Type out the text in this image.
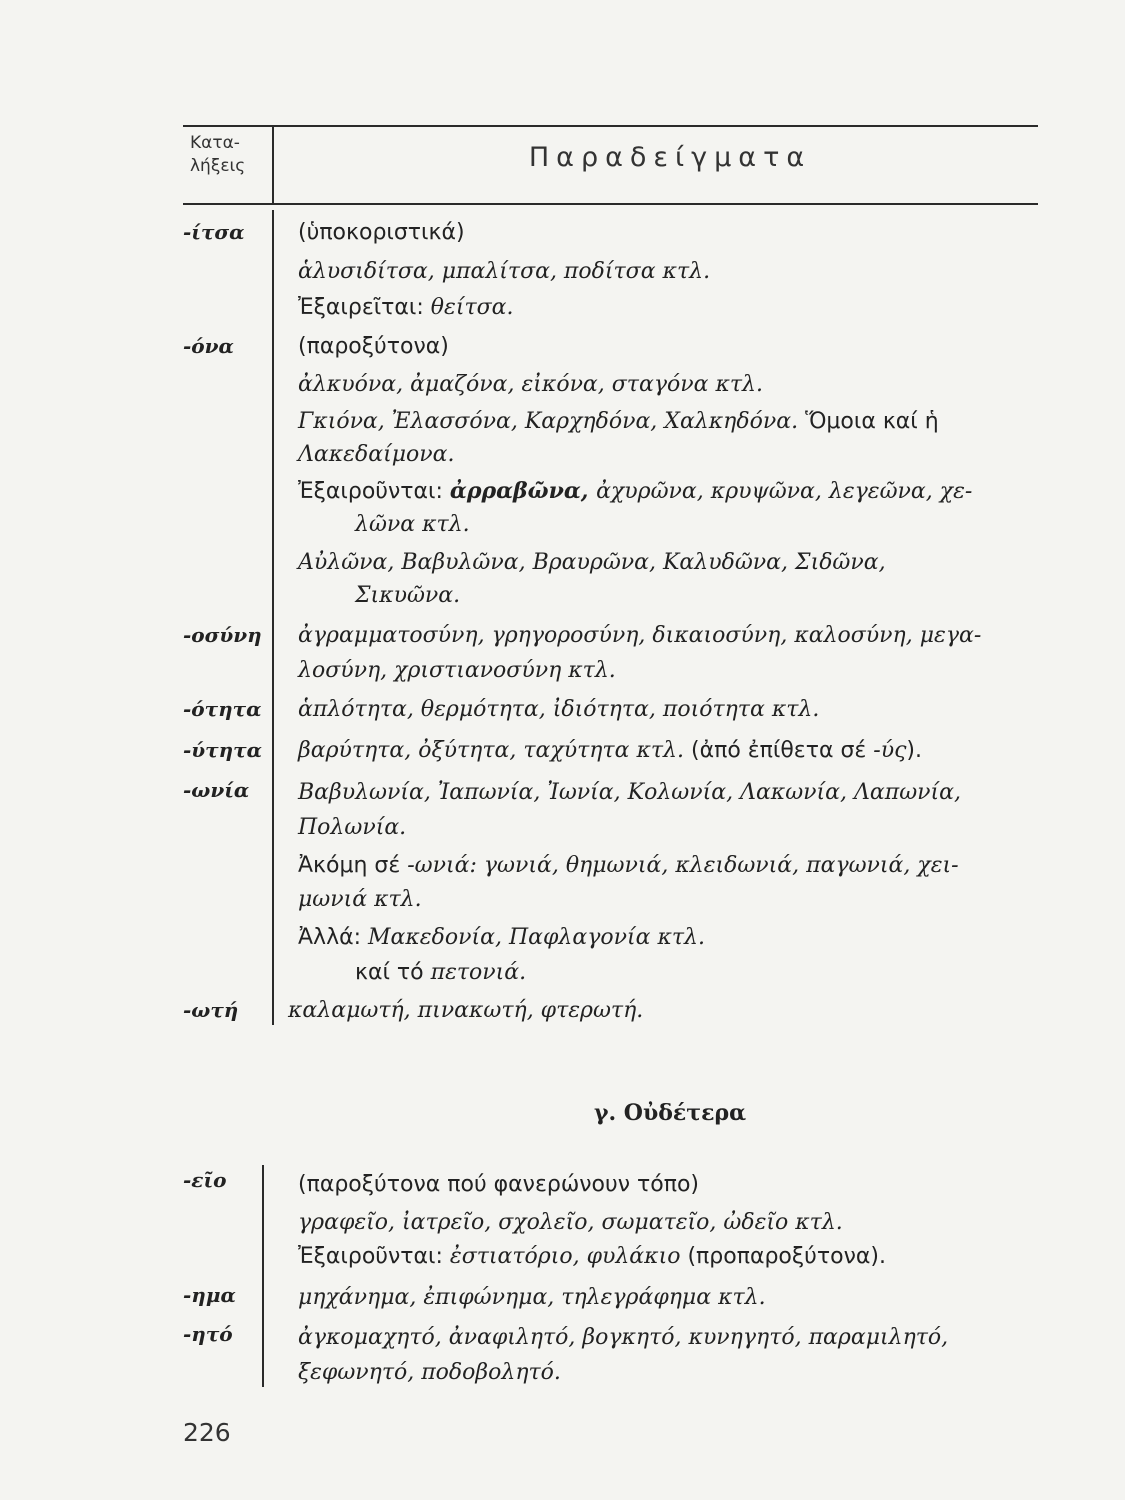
Κατα-
λήξεις	Παραδείγματα
-ίτσα (ὑποκοριστικά)
ἁλυσιδίτσα, μπαλίτσα, ποδίτσα κτλ.
Ἐξαιρεῖται: θείτσα.
-όνα	(παροξύτονα)
ἀλκυόνα, ἀμαζόνα, εἰκόνα, σταγόνα κτλ.
Γκιόνα, Ἐλασσόνα, Καρχηδόνα, Χαλκηδόνα. Ὅμοια καί ἡ
Λακεδαίμονα.
Ἐξαιροῦνται: ἀρραβῶνα, ἀχυρῶνα, κρυψῶνα, λεγεῶνα, χε-
λῶνα κτλ.
Αὐλῶνα, Βαβυλῶνα, Βραυρῶνα, Καλυδῶνα, Σιδῶνα,
Σικυῶνα.
-οσύνη ἀγραμματοσύνη, γρηγοροσύνη, δικαιοσύνη, καλοσύνη, μεγα-
λοσύνη, χριστιανοσύνη κτλ.
-ότητα ἁπλότητα, θερμότητα, ἰδιότητα, ποιότητα κτλ.
-ύτητα βαρύτητα, ὀξύτητα, ταχύτητα κτλ. (ἀπό ἐπίθετα σέ -ύς).
-ωνία Βαβυλωνία, Ἰαπωνία, Ἰωνία, Κολωνία, Λακωνία, Λαπωνία,
Πολωνία.
Ἀκόμη σέ -ωνιά: γωνιά, θημωνιά, κλειδωνιά, παγωνιά, χει-
μωνιά κτλ.
Ἀλλά: Μακεδονία, Παφλαγονία κτλ.
καί τό πετονιά.
-ωτή καλαμωτή, πινακωτή, φτερωτή.
γ. Οὐδέτερα
-εῖο	(παροξύτονα πού φανερώνουν τόπο)
γραφεῖο, ἰατρεῖο, σχολεῖο, σωματεῖο, ὠδεῖο κτλ.
Ἐξαιροῦνται: ἐστιατόριο, φυλάκιο (προπαροξύτονα).
-ημα	μηχάνημα, ἐπιφώνημα, τηλεγράφημα κτλ.
-ητό	ἀγκομαχητό, ἀναφιλητό, βογκητό, κυνηγητό, παραμιλητό,
ξεφωνητό, ποδοβολητό.
226
